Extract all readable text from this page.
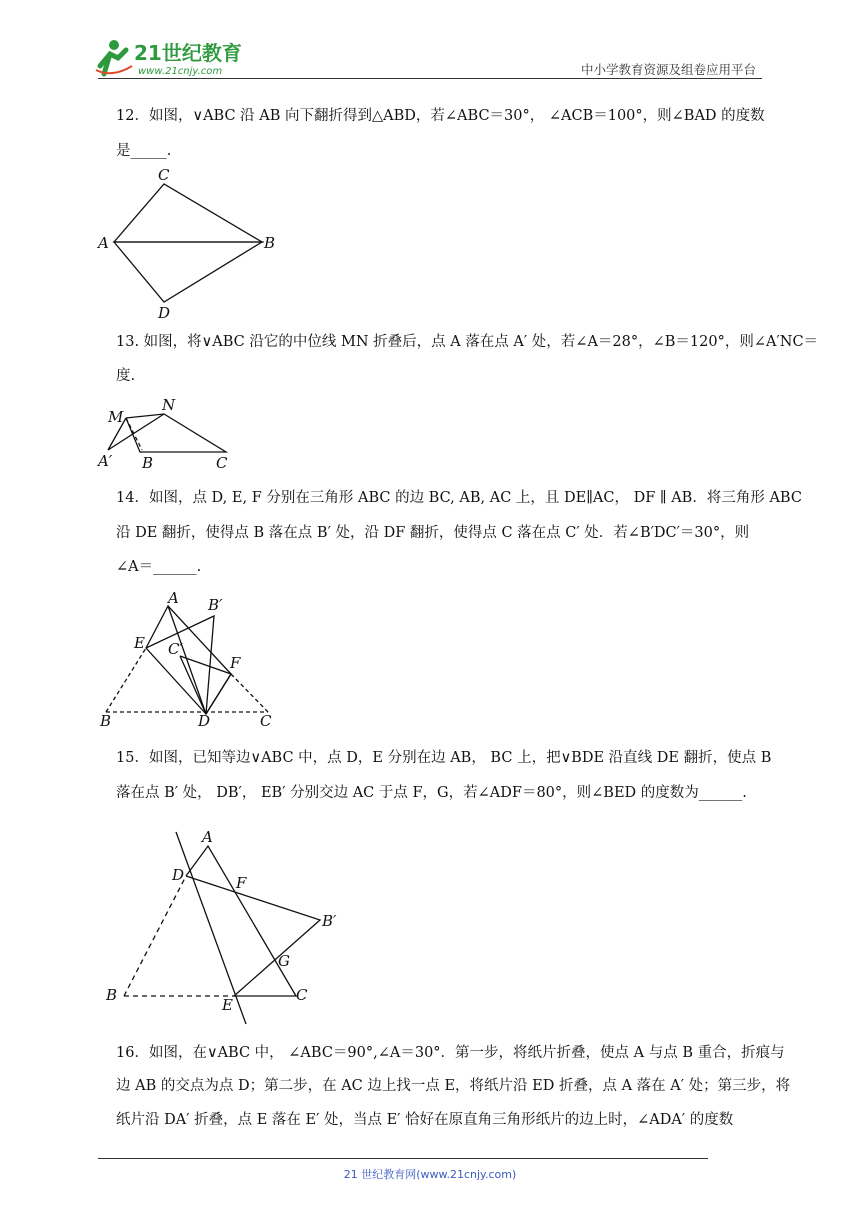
21世纪教育
www.21cnjy.com	中小学教育资源及组卷应用平台
12．如图，∨ABC 沿 AB 向下翻折得到△ABD，若∠ABC＝30°， ∠ACB＝100°，则∠BAD 的度数
是_____.
C
A	B
D
13. 如图，将∨ABC 沿它的中位线 MN 折叠后，点 A 落在点 A′ 处，若∠A＝28°，∠B＝120°，则∠A′NC＝
度.
M
N
A′ B	C
14．如图，点 D, E, F 分别在三角形 ABC 的边 BC, AB, AC 上，且 DE∥AC， DF ∥ AB．将三角形 ABC
沿 DE 翻折，使得点 B 落在点 B′ 处，沿 DF 翻折，使得点 C 落在点 C′ 处．若∠B′DC′＝30°，则
∠A＝______.
A B′
E C′
F
B	D	C
15．如图，已知等边∨ABC 中，点 D，E 分别在边 AB， BC 上，把∨BDE 沿直线 DE 翻折，使点 B
落在点 B′ 处， DB′， EB′ 分别交边 AC 于点 F，G，若∠ADF＝80°，则∠BED 的度数为______.
A
D	F
B′
G
B
E
C
16．如图，在∨ABC 中， ∠ABC＝90°,∠A＝30°．第一步，将纸片折叠，使点 A 与点 B 重合，折痕与
边 AB 的交点为点 D；第二步，在 AC 边上找一点 E，将纸片沿 ED 折叠，点 A 落在 A′ 处；第三步，将
纸片沿 DA′ 折叠，点 E 落在 E′ 处，当点 E′ 恰好在原直角三角形纸片的边上时，∠ADA′ 的度数
21 世纪教育网(www.21cnjy.com)
